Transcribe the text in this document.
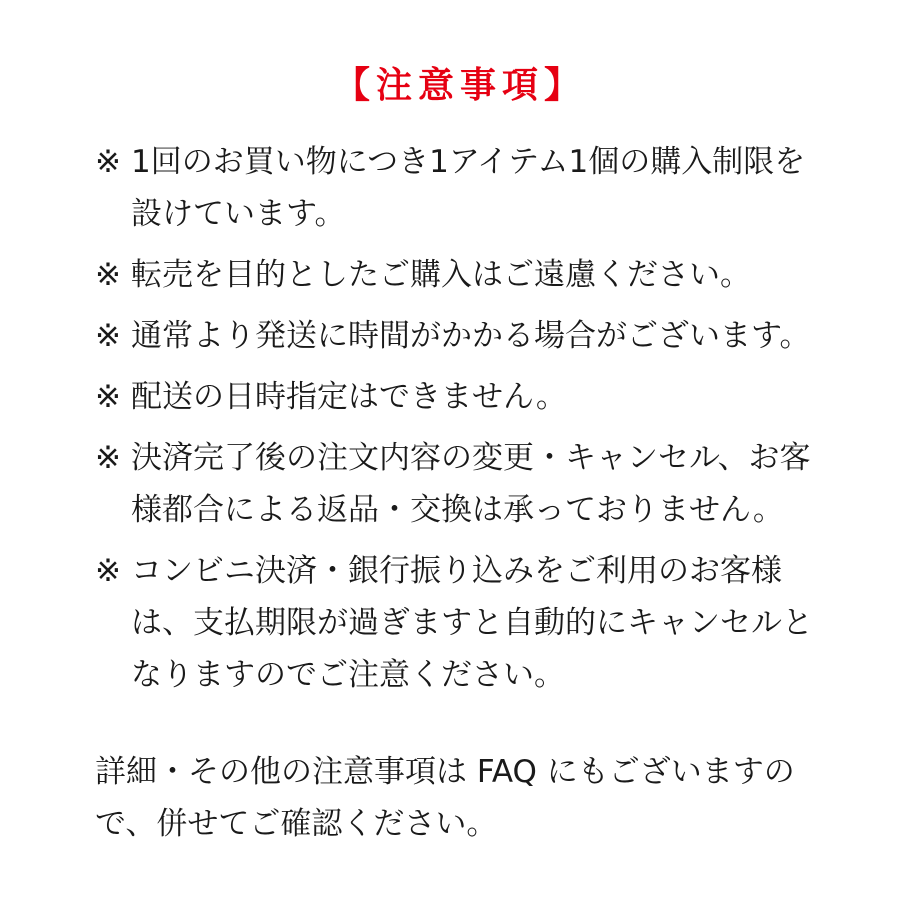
【注意事項】
※ 1回のお買い物につき1アイテム1個の購入制限を設けています。
※ 転売を目的としたご購入はご遠慮ください。
※ 通常より発送に時間がかかる場合がございます。
※ 配送の日時指定はできません。
※ 決済完了後の注文内容の変更・キャンセル、お客様都合による返品・交換は承っておりません。
※ コンビニ決済・銀行振り込みをご利用のお客様は、支払期限が過ぎますと自動的にキャンセルとなりますのでご注意ください。
詳細・その他の注意事項は FAQ にもございますので、併せてご確認ください。
